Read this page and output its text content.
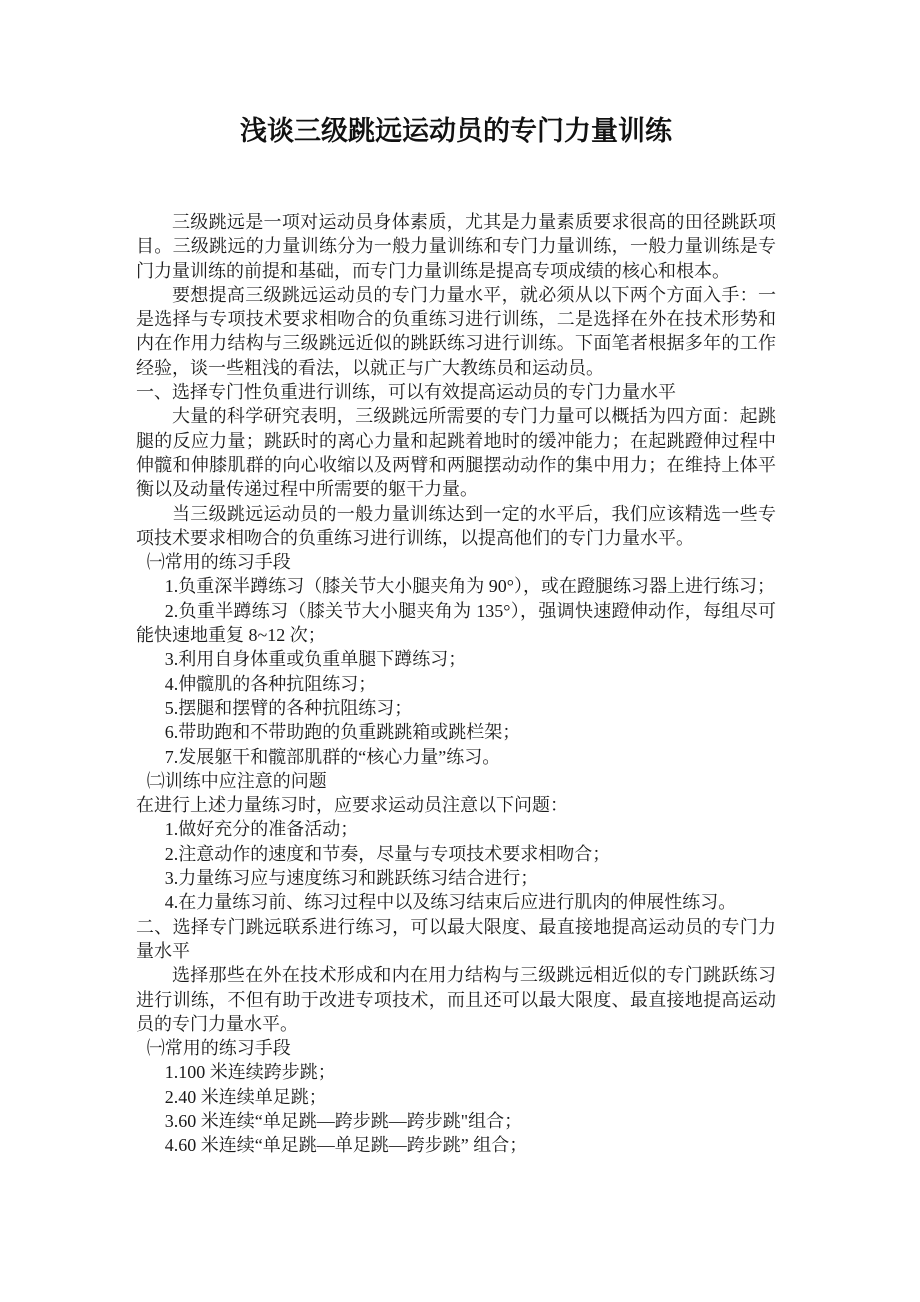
浅谈三级跳远运动员的专门力量训练

三级跳远是一项对运动员身体素质，尤其是力量素质要求很高的田径跳跃项目。三级跳远的力量训练分为一般力量训练和专门力量训练，一般力量训练是专门力量训练的前提和基础，而专门力量训练是提高专项成绩的核心和根本。

要想提高三级跳远运动员的专门力量水平，就必须从以下两个方面入手：一是选择与专项技术要求相吻合的负重练习进行训练，二是选择在外在技术形势和内在作用力结构与三级跳远近似的跳跃练习进行训练。下面笔者根据多年的工作经验，谈一些粗浅的看法，以就正与广大教练员和运动员。

一、选择专门性负重进行训练，可以有效提高运动员的专门力量水平

大量的科学研究表明，三级跳远所需要的专门力量可以概括为四方面：起跳腿的反应力量；跳跃时的离心力量和起跳着地时的缓冲能力；在起跳蹬伸过程中伸髋和伸膝肌群的向心收缩以及两臂和两腿摆动动作的集中用力；在维持上体平衡以及动量传递过程中所需要的躯干力量。

当三级跳远运动员的一般力量训练达到一定的水平后，我们应该精选一些专项技术要求相吻合的负重练习进行训练，以提高他们的专门力量水平。

㈠常用的练习手段

1.负重深半蹲练习（膝关节大小腿夹角为 90°），或在蹬腿练习器上进行练习；

2.负重半蹲练习（膝关节大小腿夹角为 135°），强调快速蹬伸动作，每组尽可能快速地重复 8~12 次；

3.利用自身体重或负重单腿下蹲练习；

4.伸髋肌的各种抗阻练习；

5.摆腿和摆臂的各种抗阻练习；

6.带助跑和不带助跑的负重跳跳箱或跳栏架；

7.发展躯干和髋部肌群的“核心力量”练习。

㈡训练中应注意的问题

在进行上述力量练习时，应要求运动员注意以下问题：

1.做好充分的准备活动；

2.注意动作的速度和节奏，尽量与专项技术要求相吻合；

3.力量练习应与速度练习和跳跃练习结合进行；

4.在力量练习前、练习过程中以及练习结束后应进行肌肉的伸展性练习。

二、选择专门跳远联系进行练习，可以最大限度、最直接地提高运动员的专门力量水平

选择那些在外在技术形成和内在用力结构与三级跳远相近似的专门跳跃练习进行训练，不但有助于改进专项技术，而且还可以最大限度、最直接地提高运动员的专门力量水平。

㈠常用的练习手段

1.100 米连续跨步跳；

2.40 米连续单足跳；

3.60 米连续“单足跳—跨步跳—跨步跳"组合；

4.60 米连续“单足跳—单足跳—跨步跳” 组合；
